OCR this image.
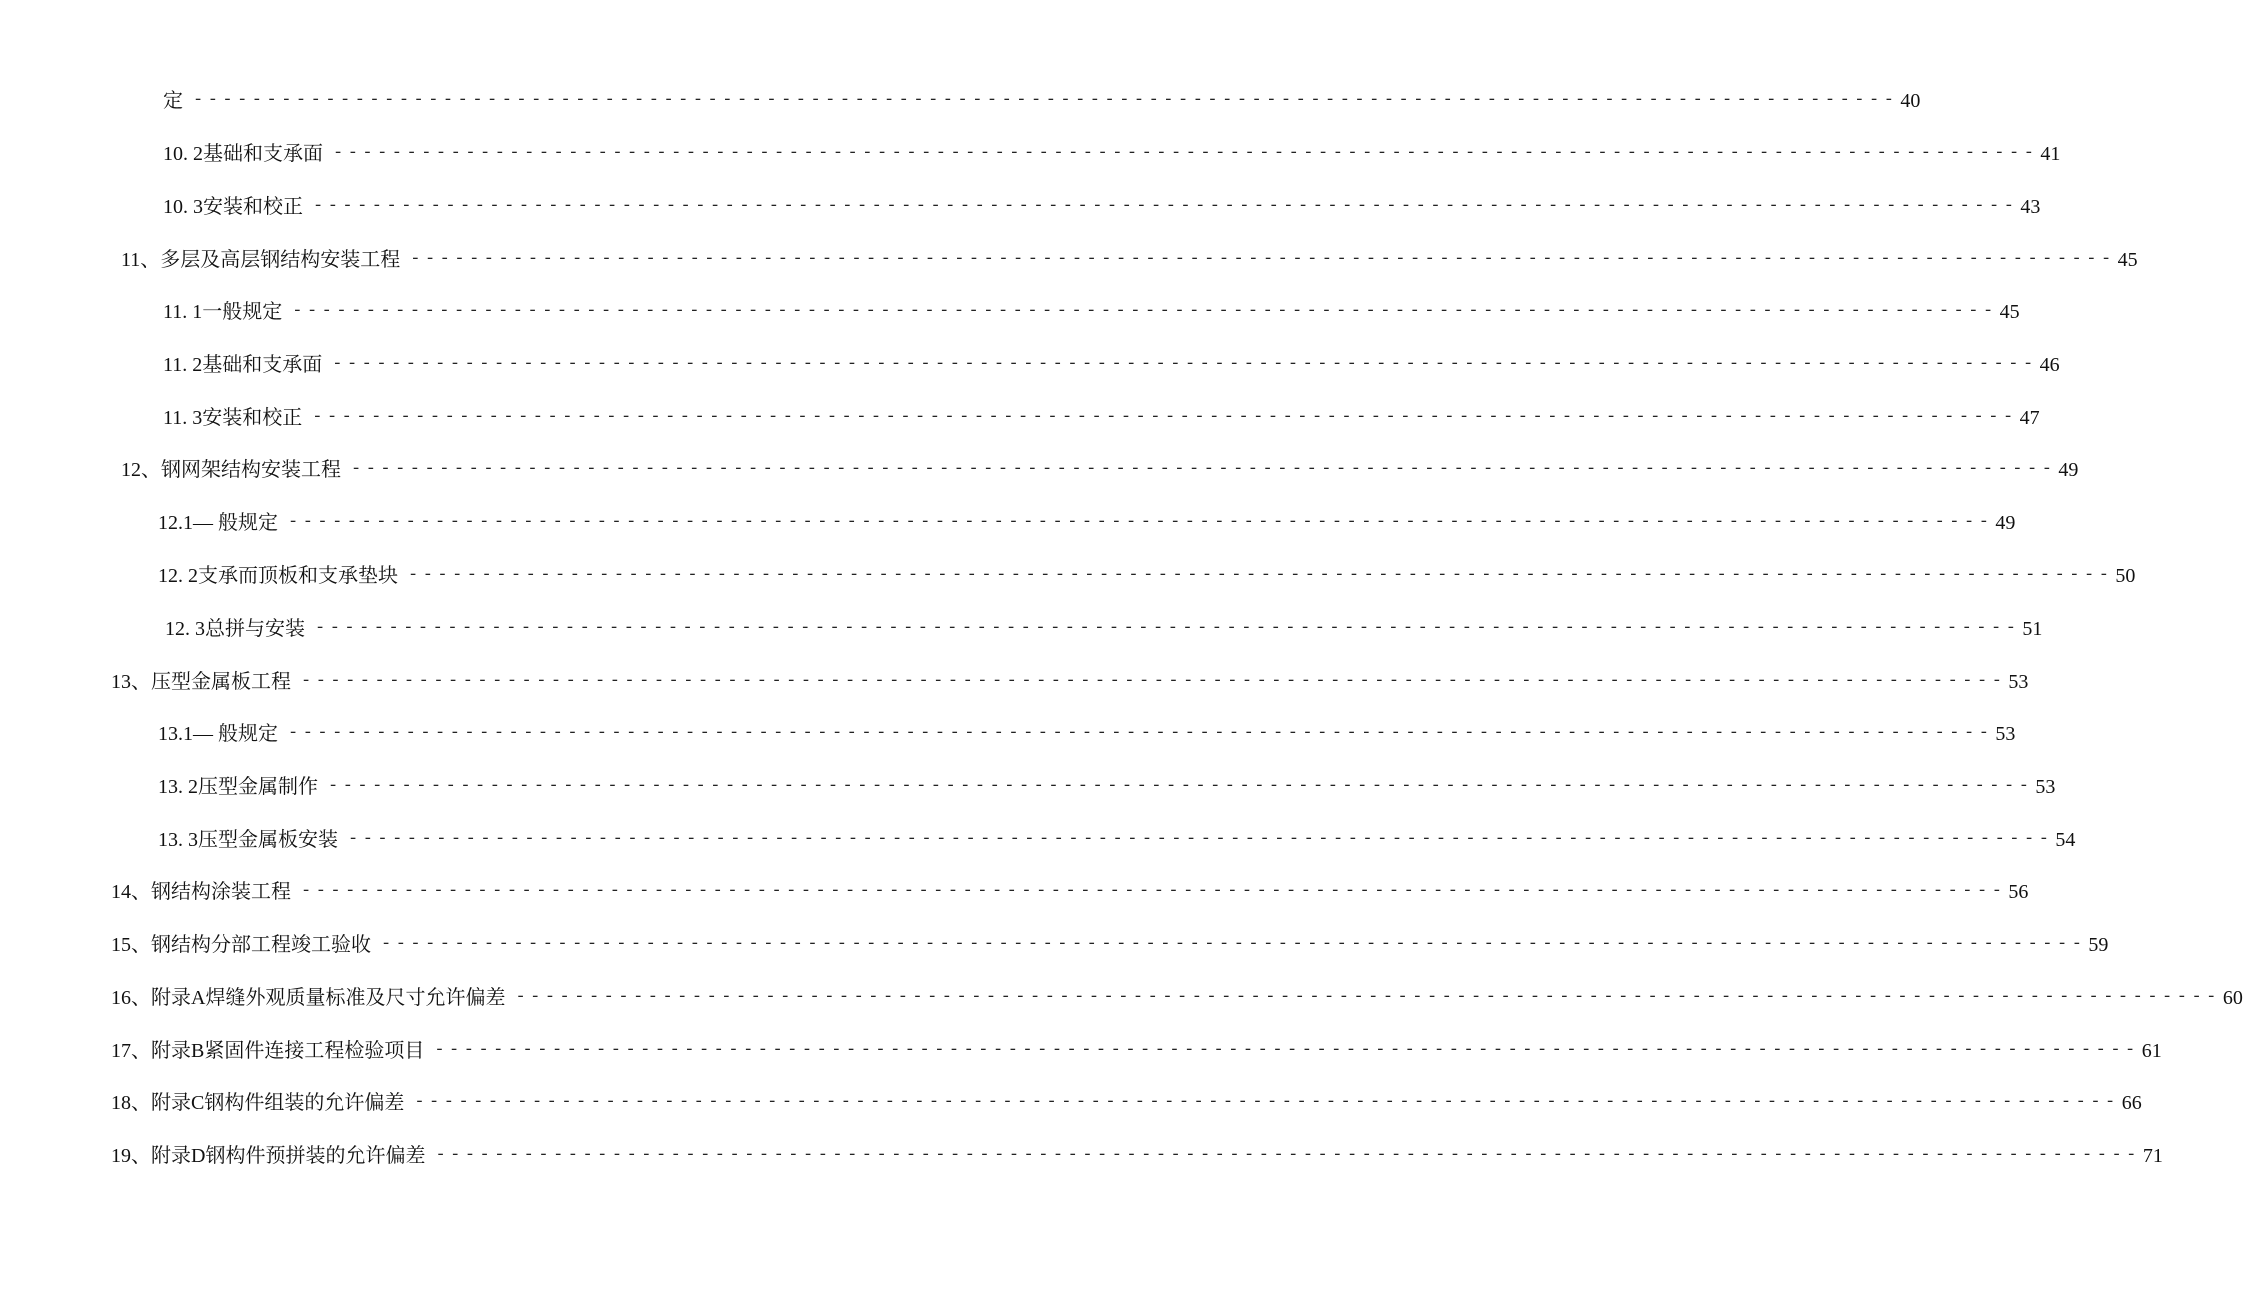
定 -------------------------------------------------------------------------------------------------------------------- 40
10. 2基础和支承面 -------------------------------------------------------------------------------------------------------------------- 41
10. 3安装和校正 -------------------------------------------------------------------------------------------------------------------- 43
11、多层及高层钢结构安装工程 -------------------------------------------------------------------------------------------------------------------- 45
11. 1一般规定 -------------------------------------------------------------------------------------------------------------------- 45
11. 2基础和支承面 -------------------------------------------------------------------------------------------------------------------- 46
11. 3安装和校正 -------------------------------------------------------------------------------------------------------------------- 47
12、钢网架结构安装工程 -------------------------------------------------------------------------------------------------------------------- 49
12.1— 般规定 -------------------------------------------------------------------------------------------------------------------- 49
12. 2支承而顶板和支承垫块 -------------------------------------------------------------------------------------------------------------------- 50
12. 3总拼与安装 -------------------------------------------------------------------------------------------------------------------- 51
13、压型金属板工程 -------------------------------------------------------------------------------------------------------------------- 53
13.1— 般规定 -------------------------------------------------------------------------------------------------------------------- 53
13. 2压型金属制作 -------------------------------------------------------------------------------------------------------------------- 53
13. 3压型金属板安装 -------------------------------------------------------------------------------------------------------------------- 54
14、钢结构涂装工程 -------------------------------------------------------------------------------------------------------------------- 56
15、钢结构分部工程竣工验收 -------------------------------------------------------------------------------------------------------------------- 59
16、附录A焊缝外观质量标准及尺寸允许偏差 -------------------------------------------------------------------------------------------------------------------- 60
17、附录B紧固件连接工程检验项目 -------------------------------------------------------------------------------------------------------------------- 61
18、附录C钢构件组装的允许偏差 -------------------------------------------------------------------------------------------------------------------- 66
19、附录D钢构件预拼装的允许偏差 -------------------------------------------------------------------------------------------------------------------- 71
